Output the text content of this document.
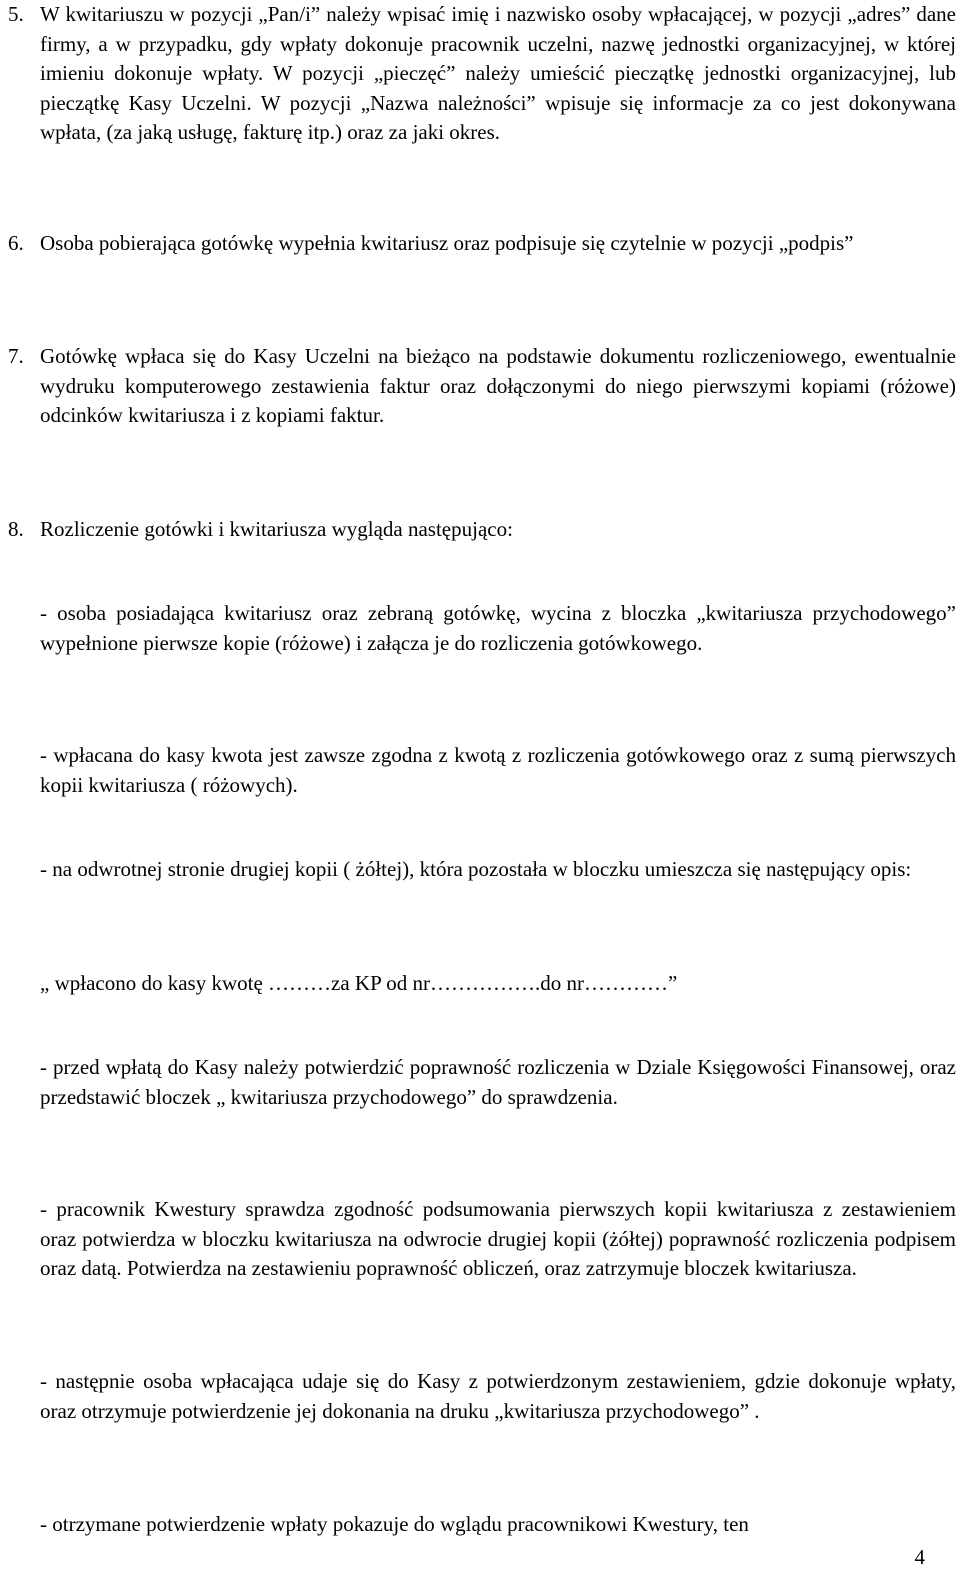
5. W kwitariuszu w pozycji „Pan/i” należy wpisać imię i nazwisko osoby wpłacającej, w pozycji „adres” dane firmy, a w przypadku, gdy wpłaty dokonuje pracownik uczelni, nazwę jednostki organizacyjnej, w której imieniu dokonuje wpłaty. W pozycji „pieczęć” należy umieścić pieczątkę jednostki organizacyjnej, lub pieczątkę Kasy Uczelni. W pozycji „Nazwa należności” wpisuje się informacje za co jest dokonywana wpłata, (za jaką usługę, fakturę itp.) oraz za jaki okres.

6. Osoba pobierająca gotówkę wypełnia kwitariusz oraz podpisuje się czytelnie w pozycji „podpis”

7. Gotówkę wpłaca się do Kasy Uczelni na bieżąco na podstawie dokumentu rozliczeniowego, ewentualnie wydruku komputerowego zestawienia faktur oraz dołączonymi do niego pierwszymi kopiami (różowe) odcinków kwitariusza i z kopiami faktur.

8. Rozliczenie gotówki i kwitariusza wygląda następująco:

- osoba posiadająca kwitariusz oraz zebraną gotówkę, wycina z bloczka „kwitariusza przychodowego” wypełnione pierwsze kopie (różowe) i załącza je do rozliczenia gotówkowego.

- wpłacana do kasy kwota jest zawsze zgodna z kwotą z rozliczenia gotówkowego oraz z sumą pierwszych kopii kwitariusza ( różowych).

- na odwrotnej stronie drugiej kopii ( żółtej), która pozostała w bloczku umieszcza się następujący opis:

„ wpłacono do kasy kwotę ………za KP od nr…………….do nr…………”

- przed wpłatą do Kasy należy potwierdzić poprawność rozliczenia w Dziale Księgowości Finansowej, oraz przedstawić bloczek „ kwitariusza przychodowego” do sprawdzenia.

- pracownik Kwestury sprawdza zgodność podsumowania pierwszych kopii kwitariusza z zestawieniem oraz potwierdza w bloczku kwitariusza na odwrocie drugiej kopii (żółtej) poprawność rozliczenia podpisem oraz datą. Potwierdza na zestawieniu poprawność obliczeń, oraz zatrzymuje bloczek kwitariusza.

- następnie osoba wpłacająca udaje się do Kasy z potwierdzonym zestawieniem, gdzie dokonuje wpłaty, oraz otrzymuje potwierdzenie jej dokonania na druku „kwitariusza przychodowego” .

- otrzymane potwierdzenie wpłaty pokazuje do wglądu pracownikowi Kwestury, ten

4
